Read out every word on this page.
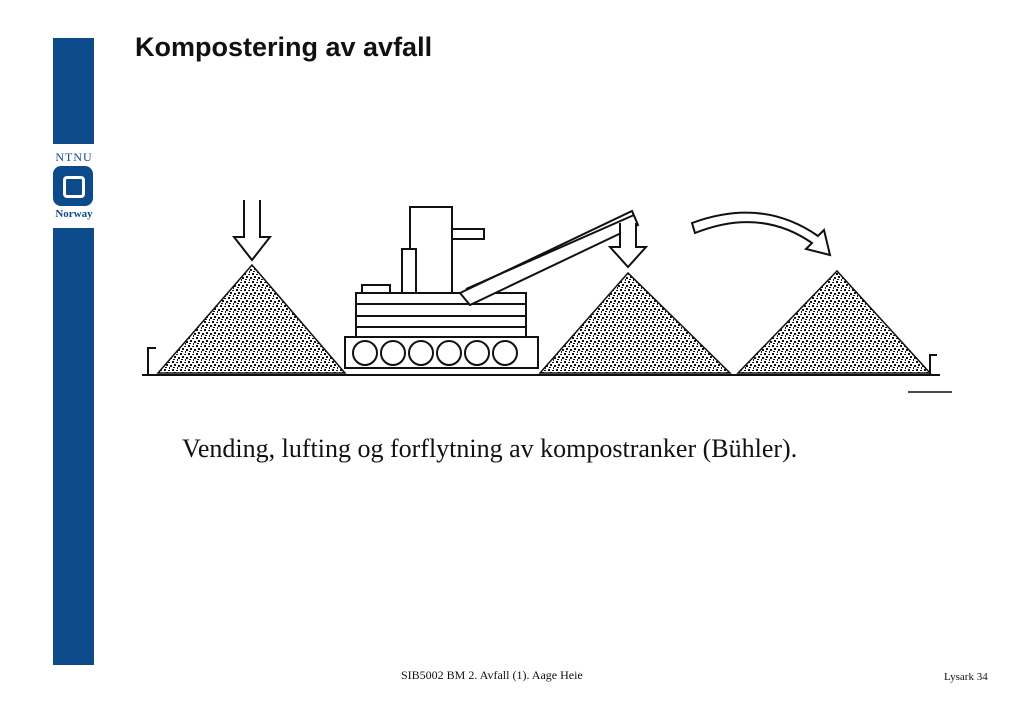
NTNU
Norway
Kompostering av avfall
Vending, lufting og forflytning av kompostranker (Bühler).
SIB5002 BM 2. Avfall (1). Aage Heie	Lysark 34
